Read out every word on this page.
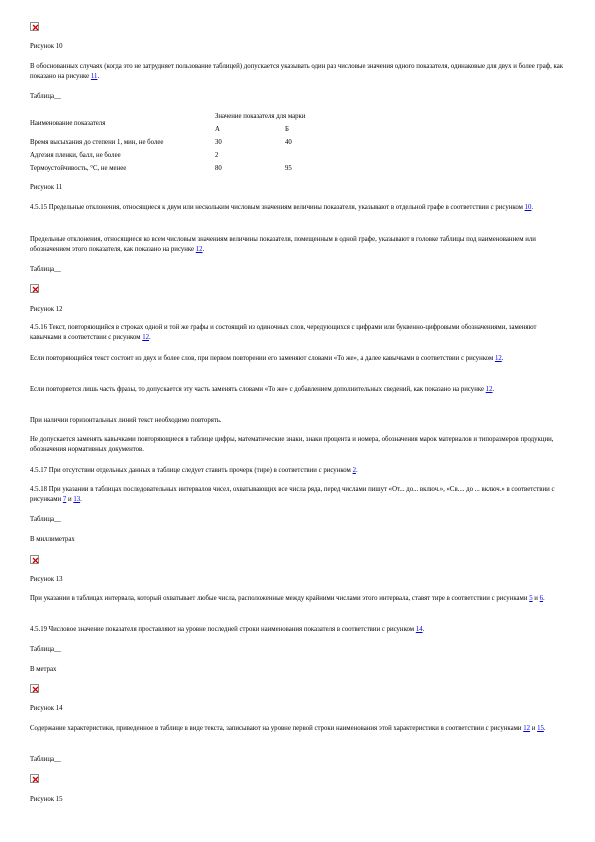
Рисунок 10
В обоснованных случаях (когда это не затрудняет пользование таблицей) допускается указывать один раз числовые значения одного показателя, одинаковые для двух и более граф, как показано на рисунке 11.
Таблица__
Наименование показателя	Значение показателя для марки	
	А	Б
Время высыхания до степени 1, мин, не более	30	40
Адгезия пленки, балл, не более	2	
Термоустойчивость, °С, не менее	80	95
Рисунок 11
4.5.15 Предельные отклонения, относящиеся к двум или нескольким числовым значениям величины показателя, указывают в отдельной графе в соответствии с рисунком 10.
Предельные отклонения, относящиеся ко всем числовым значениям величины показателя, помещенным в одной графе, указывают в головке таблицы под наименованием или обозначением этого показателя, как показано на рисунке 12.
Таблица__
Рисунок 12
4.5.16 Текст, повторяющийся в строках одной и той же графы и состоящий из одиночных слов, чередующихся с цифрами или буквенно-цифровыми обозначениями, заменяют кавычками в соответствии с рисунком 12.
Если повторяющийся текст состоит из двух и более слов, при первом повторении его заменяют словами «То же», а далее кавычками в соответствии с рисунком 12.
Если повторяется лишь часть фразы, то допускается эту часть заменять словами «То же» с добавлением дополнительных сведений, как показано на рисунке 12.
При наличии горизонтальных линий текст необходимо повторять.
Не допускается заменять кавычками повторяющиеся в таблице цифры, математические знаки, знаки процента и номера, обозначения марок материалов и типоразмеров продукции, обозначения нормативных документов.
4.5.17 При отсутствии отдельных данных в таблице следует ставить прочерк (тире) в соответствии с рисунком 2.
4.5.18 При указании в таблицах последовательных интервалов чисел, охватывающих все числа ряда, перед числами пишут «От... до... включ.», «Св.... до ... включ.» в соответствии с рисунками 7 и 13.
Таблица__
В миллиметрах
Рисунок 13
При указании в таблицах интервала, который охватывает любые числа, расположенные между крайними числами этого интервала, ставят тире в соответствии с рисунками 5 и 6.
4.5.19 Числовое значение показателя проставляют на уровне последней строки наименования показателя в соответствии с рисунком 14.
Таблица__
В метрах
Рисунок 14
Содержание характеристики, приведенное в таблице в виде текста, записывают на уровне первой строки наименования этой характеристики в соответствии с рисунками 12 и 15.
Таблица__
Рисунок 15
